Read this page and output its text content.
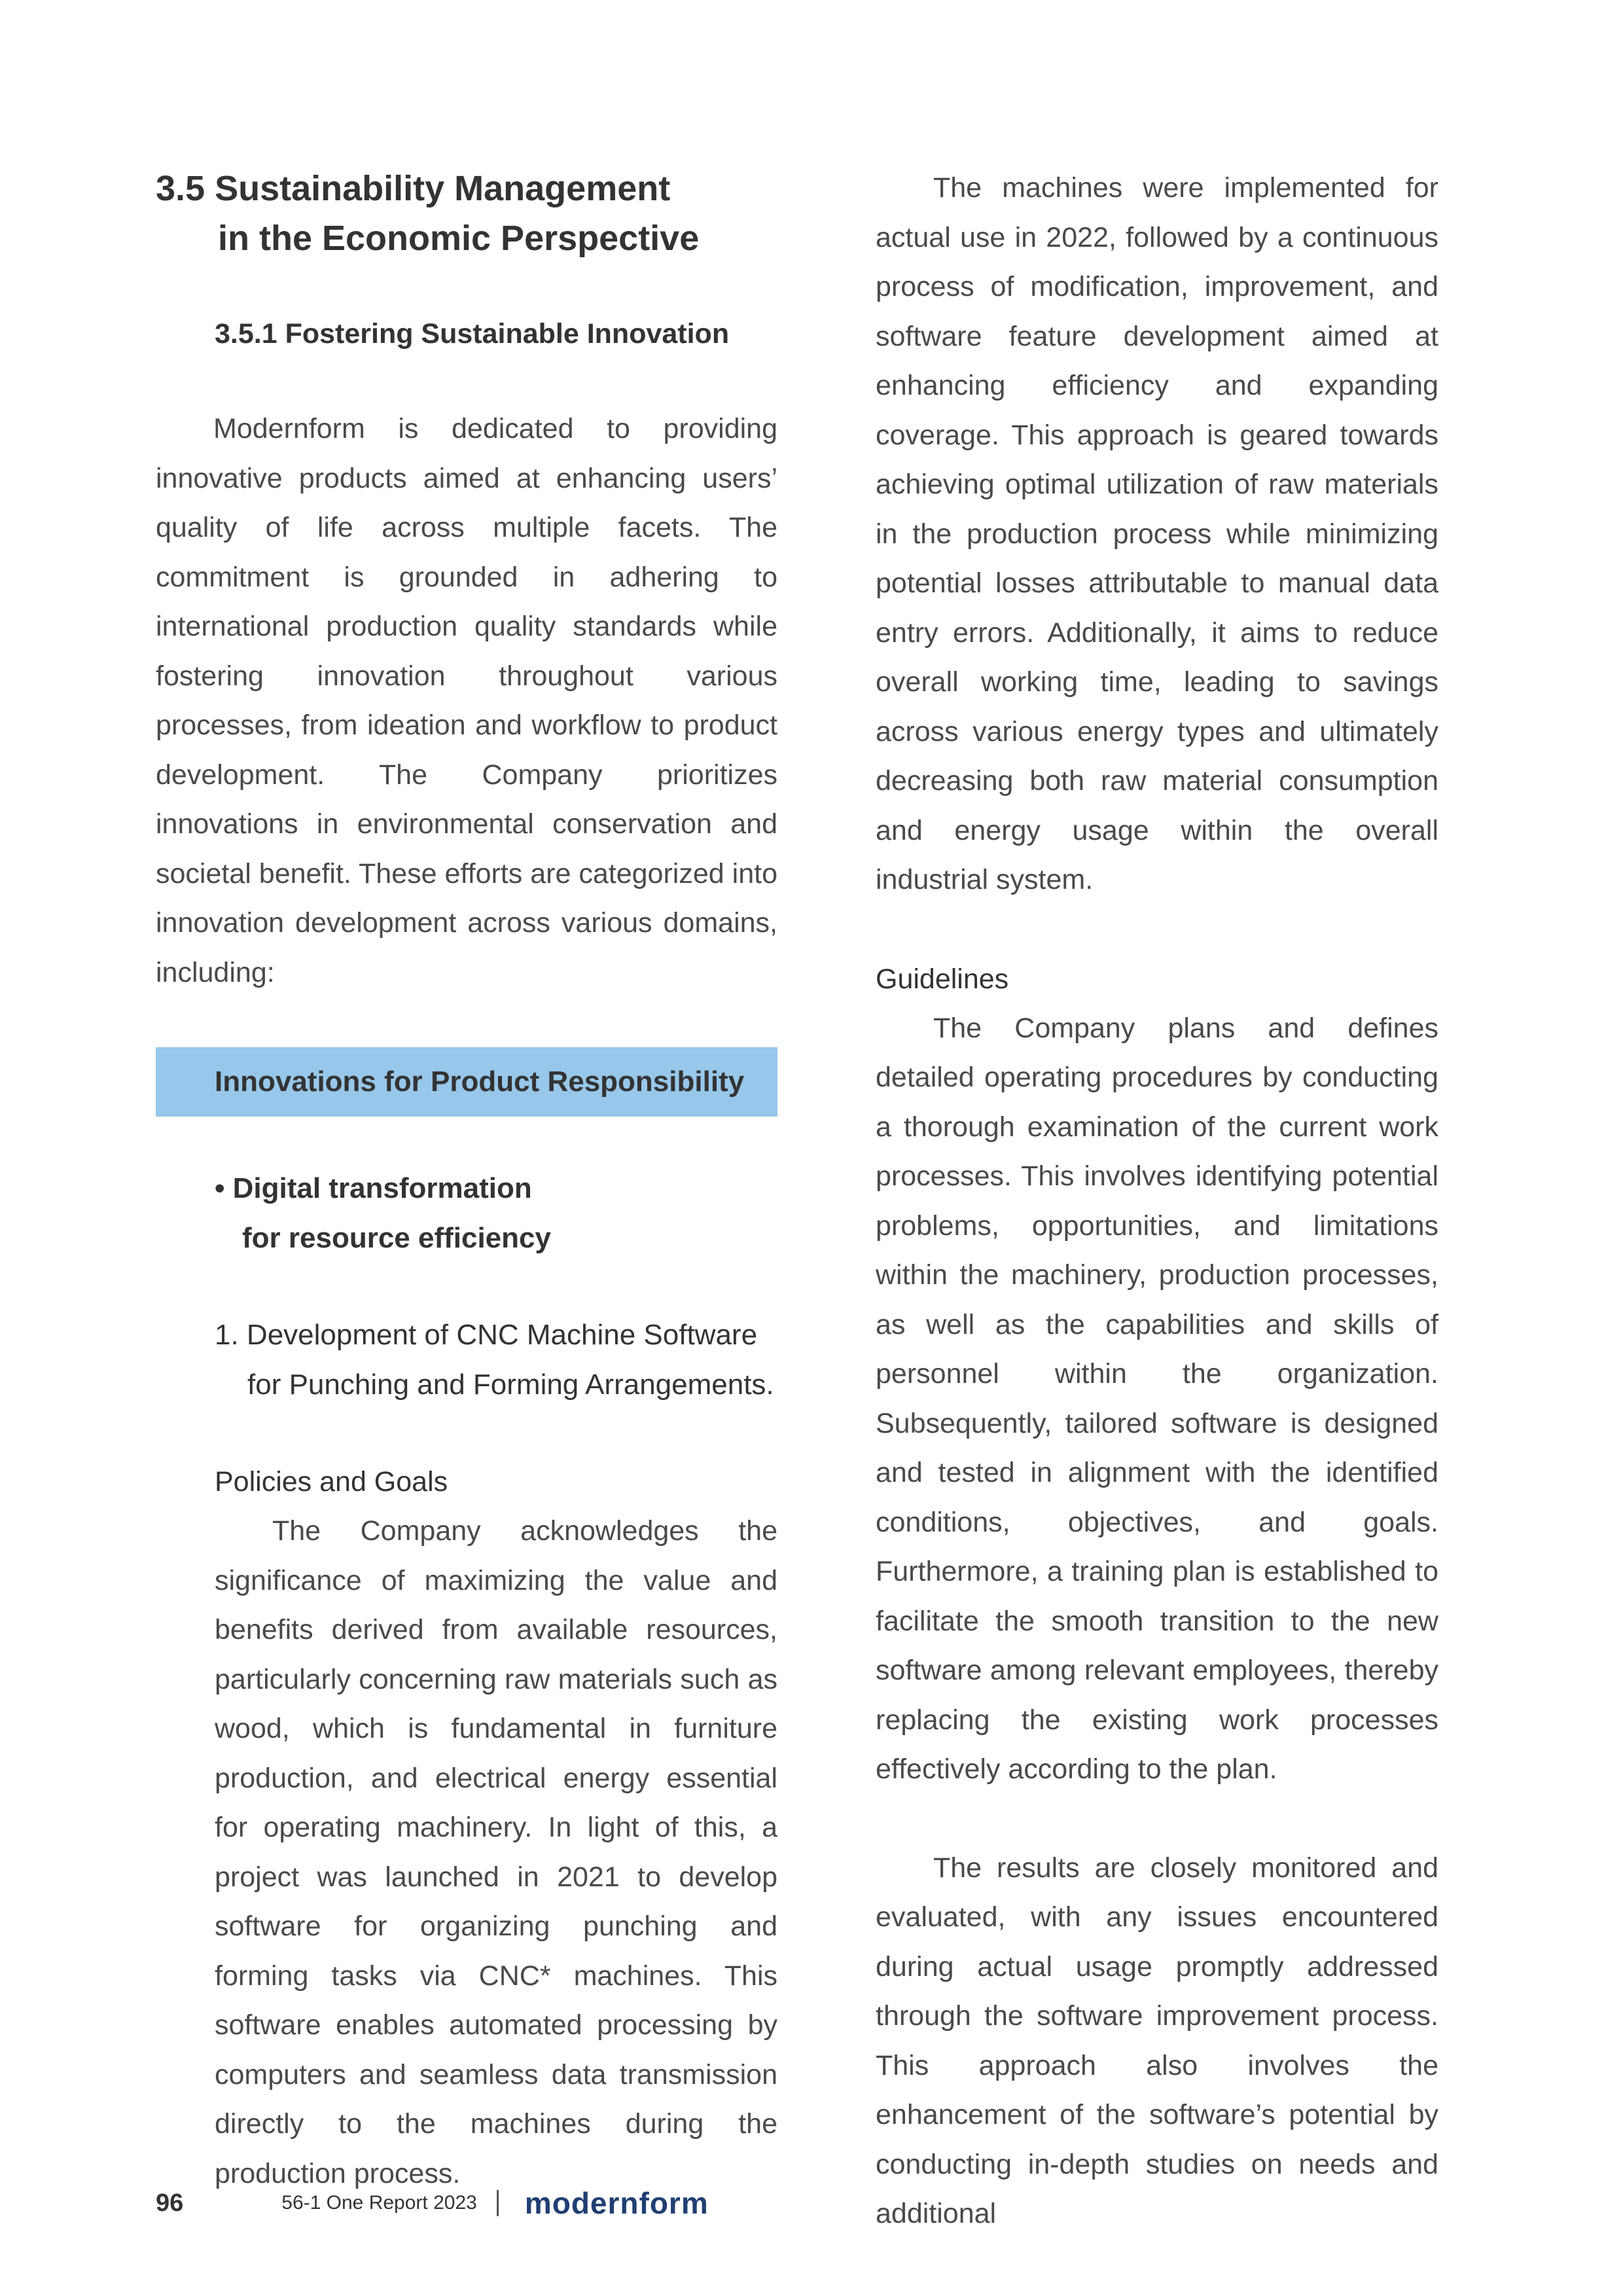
3.5 Sustainability Management
in the Economic Perspective
3.5.1 Fostering Sustainable Innovation

Modernform is dedicated to providing innovative products aimed at enhancing users’ quality of life across multiple facets. The commitment is grounded in adhering to international production quality standards while fostering innovation throughout various processes, from ideation and workflow to product development. The Company prioritizes innovations in environmental conservation and societal benefit. These efforts are categorized into innovation development across various domains, including:

Innovations for Product Responsibility
• Digital transformation
for resource efficiency
1. Development of CNC Machine Software
for Punching and Forming Arrangements.

Policies and Goals

The Company acknowledges the significance of maximizing the value and benefits derived from available resources, particularly concerning raw materials such as wood, which is fundamental in furniture production, and electrical energy essential for operating machinery. In light of this, a project was launched in 2021 to develop software for organizing punching and forming tasks via CNC* machines. This software enables automated processing by computers and seamless data transmission directly to the machines during the production process.

The machines were implemented for actual use in 2022, followed by a continuous process of modification, improvement, and software feature development aimed at enhancing efficiency and expanding coverage. This approach is geared towards achieving optimal utilization of raw materials in the production process while minimizing potential losses attributable to manual data entry errors. Additionally, it aims to reduce overall working time, leading to savings across various energy types and ultimately decreasing both raw material consumption and energy usage within the overall industrial system.

Guidelines

The Company plans and defines detailed operating procedures by conducting a thorough examination of the current work processes. This involves identifying potential problems, opportunities, and limitations within the machinery, production processes, as well as the capabilities and skills of personnel within the organization. Subsequently, tailored software is designed and tested in alignment with the identified conditions, objectives, and goals. Furthermore, a training plan is established to facilitate the smooth transition to the new software among relevant employees, thereby replacing the existing work processes effectively according to the plan.

The results are closely monitored and evaluated, with any issues encountered during actual usage promptly addressed through the software improvement process. This approach also involves the enhancement of the software’s potential by conducting in-depth studies on needs and additional

96	56-1 One Report 2023 modernform
